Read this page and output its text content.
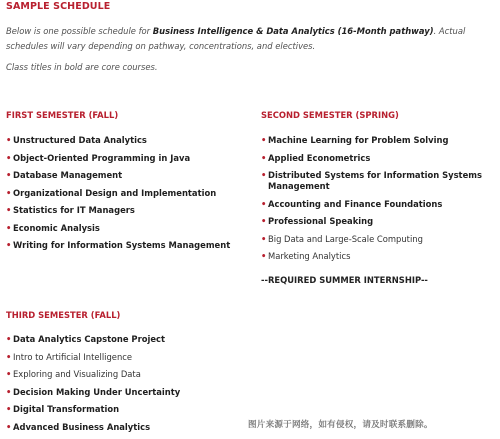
SAMPLE SCHEDULE
Below is one possible schedule for Business Intelligence & Data Analytics (16-Month pathway). Actual schedules will vary depending on pathway, concentrations, and electives.
Class titles in bold are core courses.
FIRST SEMESTER (FALL)
• Unstructured Data Analytics
• Object-Oriented Programming in Java
• Database Management
• Organizational Design and Implementation
• Statistics for IT Managers
• Economic Analysis
• Writing for Information Systems Management
SECOND SEMESTER (SPRING)
• Machine Learning for Problem Solving
• Applied Econometrics
• Distributed Systems for Information Systems Management
• Accounting and Finance Foundations
• Professional Speaking
• Big Data and Large-Scale Computing
• Marketing Analytics
--REQUIRED SUMMER INTERNSHIP--
THIRD SEMESTER (FALL)
• Data Analytics Capstone Project
• Intro to Artificial Intelligence
• Exploring and Visualizing Data
• Decision Making Under Uncertainty
• Digital Transformation
• Advanced Business Analytics	图片来源于网络，如有侵权，请及时联系删除。
